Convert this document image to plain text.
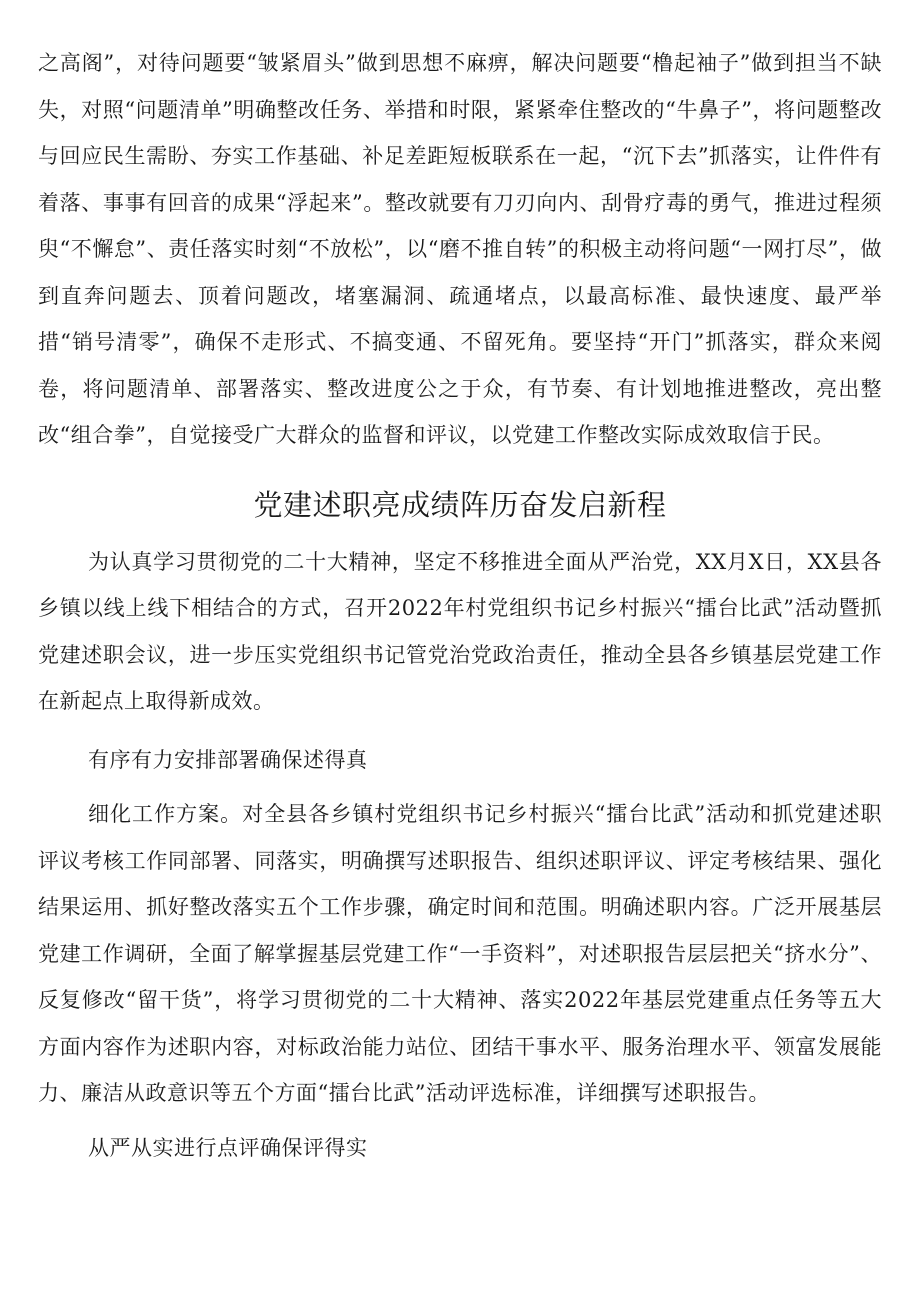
之高阁”，对待问题要“皱紧眉头”做到思想不麻痹，解决问题要“橹起袖子”做到担当不缺失，对照“问题清单”明确整改任务、举措和时限，紧紧牵住整改的“牛鼻子”，将问题整改与回应民生需盼、夯实工作基础、补足差距短板联系在一起，“沉下去”抓落实，让件件有着落、事事有回音的成果“浮起来”。整改就要有刀刃向内、刮骨疗毒的勇气，推进过程须臾“不懈怠”、责任落实时刻“不放松”，以“磨不推自转”的积极主动将问题“一网打尽”，做到直奔问题去、顶着问题改，堵塞漏洞、疏通堵点，以最高标准、最快速度、最严举措“销号清零”，确保不走形式、不搞变通、不留死角。要坚持“开门”抓落实，群众来阅卷，将问题清单、部署落实、整改进度公之于众，有节奏、有计划地推进整改，亮出整改“组合拳”，自觉接受广大群众的监督和评议，以党建工作整改实际成效取信于民。

党建述职亮成绩阵历奋发启新程

为认真学习贯彻党的二十大精神，坚定不移推进全面从严治党，XX月X日，XX县各乡镇以线上线下相结合的方式，召开2022年村党组织书记乡村振兴“擂台比武”活动暨抓党建述职会议，进一步压实党组织书记管党治党政治责任，推动全县各乡镇基层党建工作在新起点上取得新成效。

有序有力安排部署确保述得真

细化工作方案。对全县各乡镇村党组织书记乡村振兴“擂台比武”活动和抓党建述职评议考核工作同部署、同落实，明确撰写述职报告、组织述职评议、评定考核结果、强化结果运用、抓好整改落实五个工作步骤，确定时间和范围。明确述职内容。广泛开展基层党建工作调研，全面了解掌握基层党建工作“一手资料”，对述职报告层层把关“挤水分”、反复修改“留干货”，将学习贯彻党的二十大精神、落实2022年基层党建重点任务等五大方面内容作为述职内容，对标政治能力站位、团结干事水平、服务治理水平、领富发展能力、廉洁从政意识等五个方面“擂台比武”活动评选标准，详细撰写述职报告。

从严从实进行点评确保评得实
